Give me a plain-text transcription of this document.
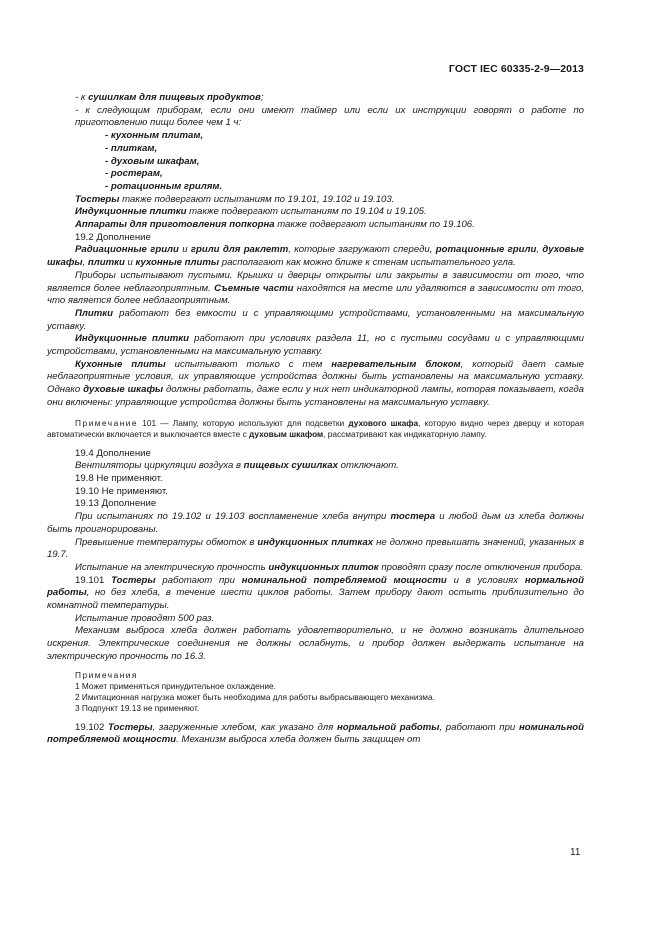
ГОСТ IEC 60335-2-9—2013

- к сушилкам для пищевых продуктов;

- к следующим приборам, если они имеют таймер или если их инструкции говорят о работе по приготовлению пищи более чем 1 ч:

- кухонным плитам,

- плиткам,

- духовым шкафам,

- ростерам,

- ротационным грилям.

Тостеры также подвергают испытаниям по 19.101, 19.102 и 19.103.

Индукционные плитки также подвергают испытаниям по 19.104 и 19.105.

Аппараты для приготовления попкорна также подвергают испытаниям по 19.106.

19.2 Дополнение

Радиационные грили и грили для раклетт, которые загружают спереди, ротационные грили, духовые шкафы, плитки и кухонные плиты располагают как можно ближе к стенам испытательного угла.

Приборы испытывают пустыми. Крышки и дверцы открыты или закрыты в зависимости от того, что является более неблагоприятным. Съемные части находятся на месте или удаляются в зависимости от того, что является более неблагоприятным.

Плитки работают без емкости и с управляющими устройствами, установленными на максимальную уставку.

Индукционные плитки работают при условиях раздела 11, но с пустыми сосудами и с управляющими устройствами, установленными на максимальную уставку.

Кухонные плиты испытывают только с тем нагревательным блоком, который дает самые неблагоприятные условия, их управляющие устройства должны быть установлены на максимальную уставку. Однако духовые шкафы должны работать, даже если у них нет индикаторной лампы, которая показывает, когда они включены: управляющие устройства должны быть установлены на максимальную уставку.

Примечание 101 — Лампу, которую используют для подсветки духового шкафа, которую видно через дверцу и которая автоматически включается и выключается вместе с духовым шкафом, рассматривают как индикаторную лампу.

19.4 Дополнение

Вентиляторы циркуляции воздуха в пищевых сушилках отключают.

19.8 Не применяют.

19.10 Не применяют.

19.13 Дополнение

При испытаниях по 19.102 и 19.103 воспламенение хлеба внутри тостера и любой дым из хлеба должны быть проигнорированы.

Превышение температуры обмоток в индукционных плитках не должно превышать значений, указанных в 19.7.

Испытание на электрическую прочность индукционных плиток проводят сразу после отключения прибора.

19.101 Тостеры работают при номинальной потребляемой мощности и в условиях нормальной работы, но без хлеба, в течение шести циклов работы. Затем прибору дают остыть приблизительно до комнатной температуры.

Испытание проводят 500 раз.

Механизм выброса хлеба должен работать удовлетворительно, и не должно возникать длительного искрения. Электрические соединения не должны ослабнуть, и прибор должен выдержать испытание на электрическую прочность по 16.3.

Примечания

1 Может применяться принудительное охлаждение.

2 Имитационная нагрузка может быть необходима для работы выбрасывающего механизма.

3 Подпункт 19.13 не применяют.

19.102 Тостеры, загруженные хлебом, как указано для нормальной работы, работают при номинальной потребляемой мощности. Механизм выброса хлеба должен быть защищен от

11
